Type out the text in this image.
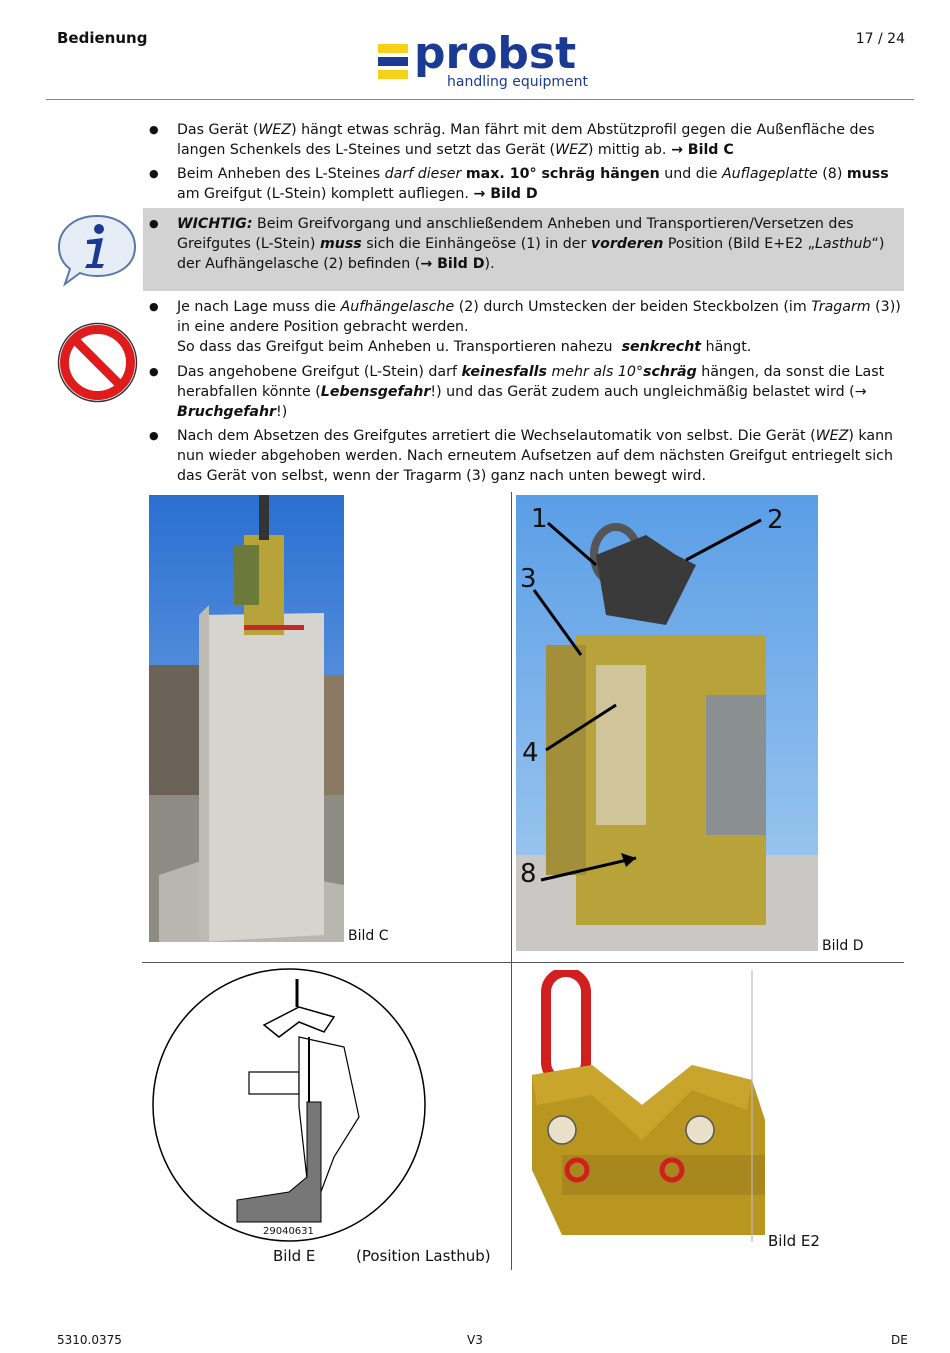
Bedienung	17 / 24
probst
handling equipment
● Das Gerät (WEZ) hängt etwas schräg. Man fährt mit dem Abstützprofil gegen die Außenfläche des langen Schenkels des L-Steines und setzt das Gerät (WEZ) mittig ab. → Bild C
● Beim Anheben des L-Steines darf dieser max. 10° schräg hängen und die Auflageplatte (8) muss am Greifgut (L-Stein) komplett aufliegen. → Bild D
● WICHTIG: Beim Greifvorgang und anschließendem Anheben und Transportieren/Versetzen des Greifgutes (L-Stein) muss sich die Einhängeöse (1) in der vorderen Position (Bild E+E2 „Lasthub“) der Aufhängelasche (2) befinden (→ Bild D).
● Je nach Lage muss die Aufhängelasche (2) durch Umstecken der beiden Steckbolzen (im Tragarm (3)) in eine andere Position gebracht werden.
So dass das Greifgut beim Anheben u. Transportieren nahezu  senkrecht hängt.
● Das angehobene Greifgut (L-Stein) darf keinesfalls mehr als 10°schräg hängen, da sonst die Last herabfallen könnte (Lebensgefahr!) und das Gerät zudem auch ungleichmäßig belastet wird (→ Bruchgefahr!)
● Nach dem Absetzen des Greifgutes arretiert die Wechselautomatik von selbst. Die Gerät (WEZ) kann nun wieder abgehoben werden. Nach erneutem Aufsetzen auf dem nächsten Greifgut entriegelt sich das Gerät von selbst, wenn der Tragarm (3) ganz nach unten bewegt wird.
Bild C
1	2
3
4
8
Bild D
29040631
Bild E	(Position Lasthub)
Bild E2
5310.0375	V3	DE
